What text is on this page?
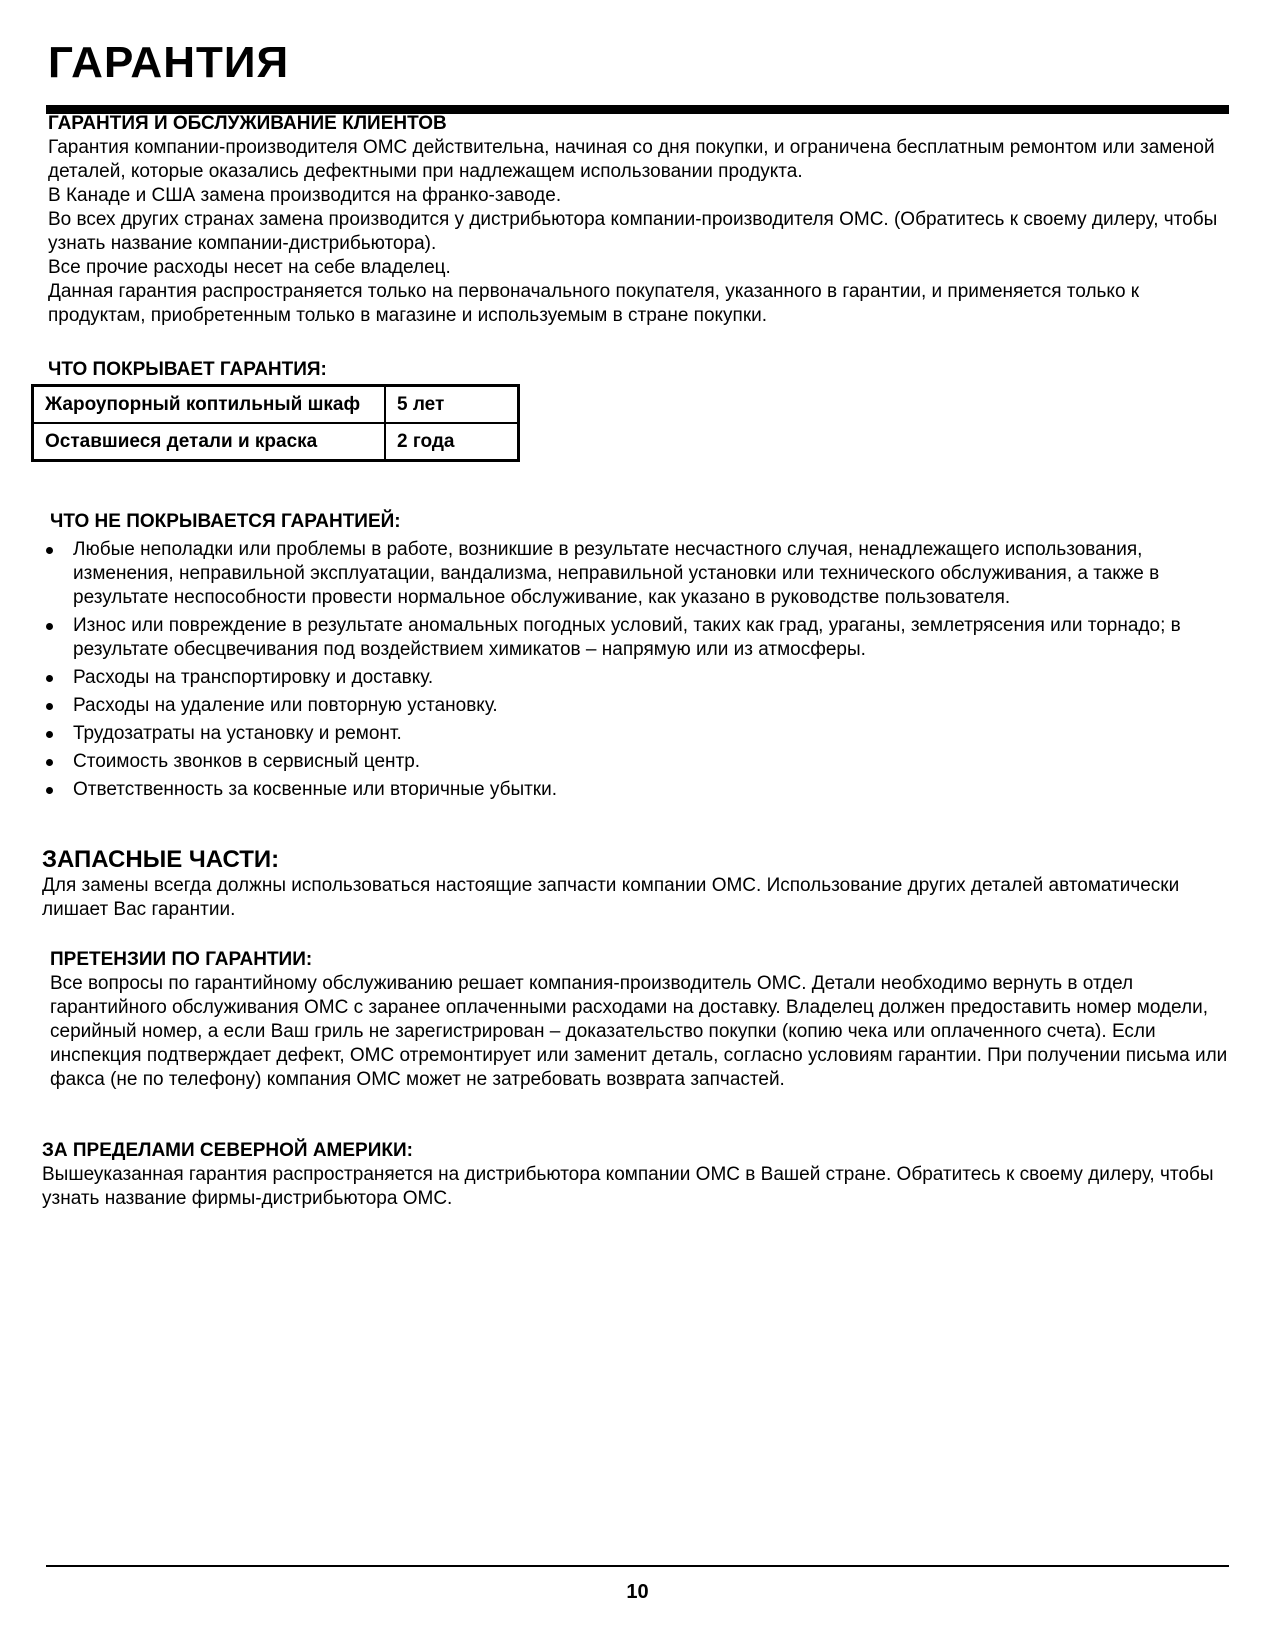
ГАРАНТИЯ

ГАРАНТИЯ И ОБСЛУЖИВАНИЕ КЛИЕНТОВ

Гарантия компании-производителя ОМС действительна, начиная со дня покупки, и ограничена бесплатным ремонтом или заменой деталей, которые оказались дефектными при надлежащем использовании продукта.

В Канаде и США замена производится на франко-заводе.

Во всех других странах замена производится у дистрибьютора компании-производителя ОМС. (Обратитесь к своему дилеру, чтобы узнать название компании-дистрибьютора).

Все прочие расходы несет на себе владелец.

Данная гарантия распространяется только на первоначального покупателя, указанного в гарантии, и применяется только к продуктам, приобретенным только в магазине и используемым в стране покупки.

ЧТО ПОКРЫВАЕТ ГАРАНТИЯ:

Жароупорный коптильный шкаф	5 лет
Оставшиеся детали и краска	2 года

ЧТО НЕ ПОКРЫВАЕТСЯ ГАРАНТИЕЙ:

Любые неполадки или проблемы в работе, возникшие в результате несчастного случая, ненадлежащего использования, изменения, неправильной эксплуатации, вандализма, неправильной установки или технического обслуживания, а также в результате неспособности провести нормальное обслуживание, как указано в руководстве пользователя.
Износ или повреждение в результате аномальных погодных условий, таких как град, ураганы, землетрясения или торнадо; в результате обесцвечивания под воздействием химикатов – напрямую или из атмосферы.
Расходы на транспортировку и доставку.
Расходы на удаление или повторную установку.
Трудозатраты на установку и ремонт.
Стоимость звонков в сервисный центр.
Ответственность за косвенные или вторичные убытки.

ЗАПАСНЫЕ ЧАСТИ:

Для замены всегда должны использоваться настоящие запчасти компании ОМС. Использование других деталей автоматически лишает Вас гарантии.

ПРЕТЕНЗИИ ПО ГАРАНТИИ:

Все вопросы по гарантийному обслуживанию решает компания-производитель ОМС. Детали необходимо вернуть в отдел гарантийного обслуживания ОМС с заранее оплаченными расходами на доставку. Владелец должен предоставить номер модели, серийный номер, а если Ваш гриль не зарегистрирован – доказательство покупки (копию чека или оплаченного счета). Если инспекция подтверждает дефект, ОМС отремонтирует или заменит деталь, согласно условиям гарантии. При получении письма или факса (не по телефону) компания ОМС может не затребовать возврата запчастей.

ЗА ПРЕДЕЛАМИ СЕВЕРНОЙ АМЕРИКИ:

Вышеуказанная гарантия распространяется на дистрибьютора компании ОМС в Вашей стране. Обратитесь к своему дилеру, чтобы узнать название фирмы-дистрибьютора ОМС.

10
